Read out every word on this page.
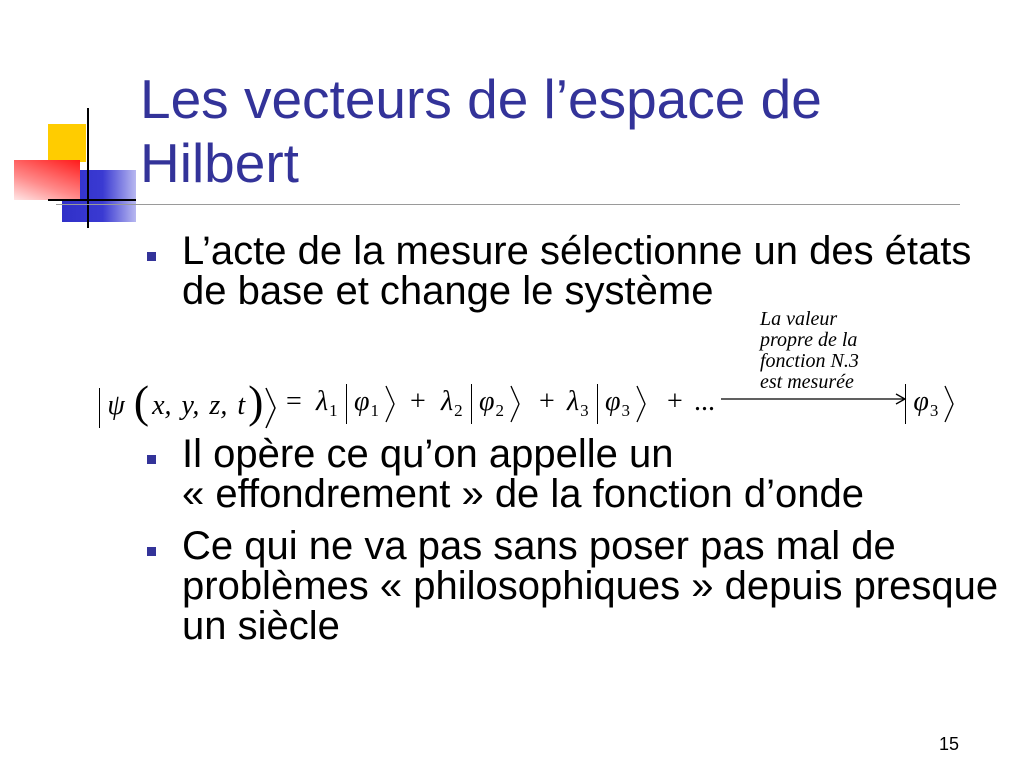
Les vecteurs de l’espace de
Hilbert
L’acte de la mesure sélectionne un des états
de base et change le système
La valeur
propre de la
fonction N.3
est mesurée
ψ ( x, y, z, $t) = \lambda_1$ $\varphi_1$	+ $\lambda_2$ $\varphi_2$	+ $\lambda_3$ $\varphi_3$	+ ...	$\varphi_3$
Il opère ce qu’on appelle un
« effondrement » de la fonction d’onde
Ce qui ne va pas sans poser pas mal de
problèmes « philosophiques » depuis presque
un siècle
15
